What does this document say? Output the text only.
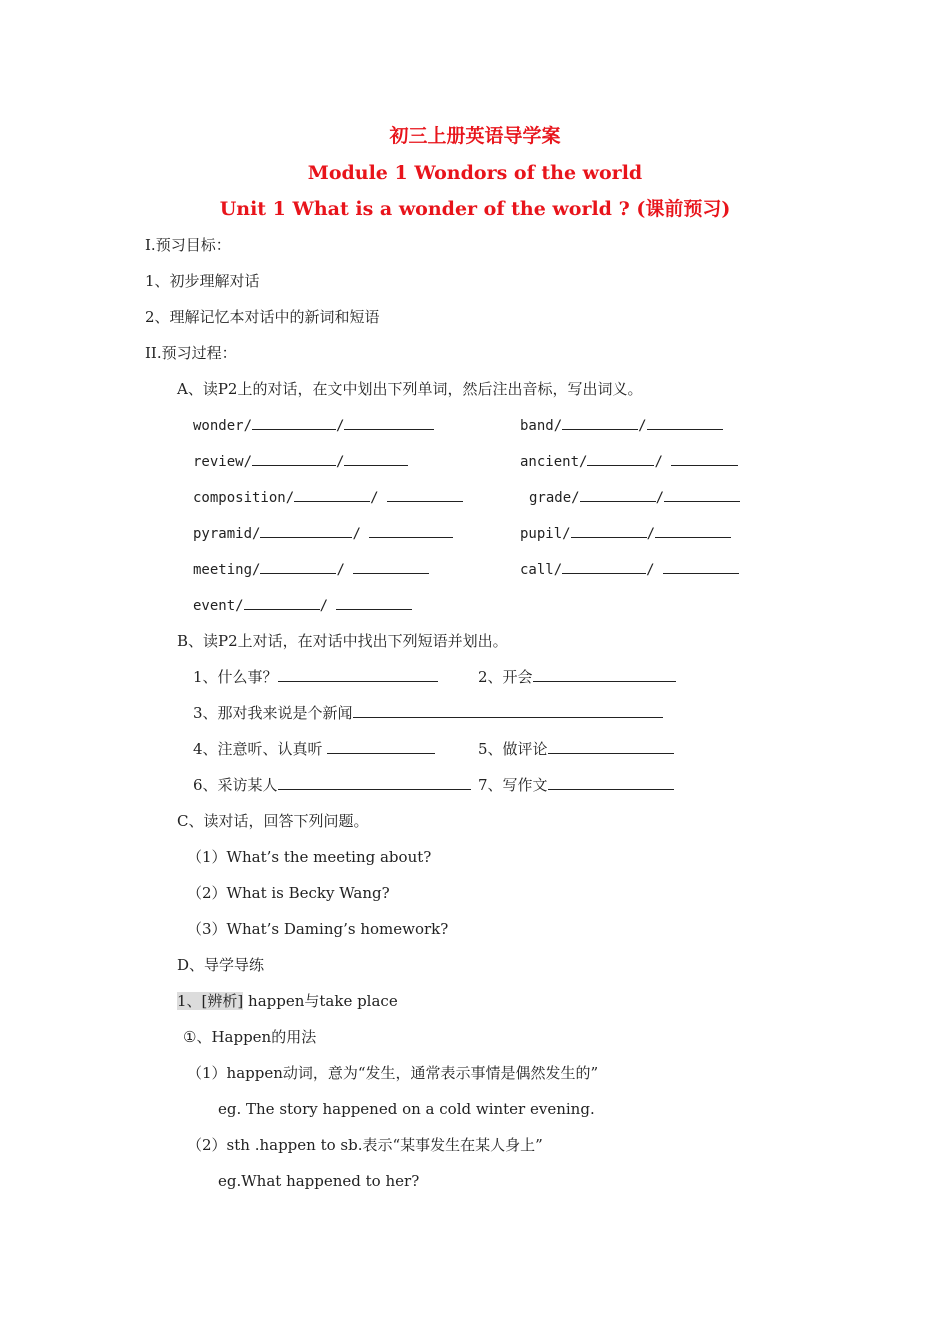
初三上册英语导学案
Module 1 Wondors of the world
Unit 1 What is a wonder of the world ? (课前预习)
I.预习目标：
1、初步理解对话
2、理解记忆本对话中的新词和短语
II.预习过程：
A、读P2上的对话，在文中划出下列单词，然后注出音标，写出词义。
wonder/	/	band/	/
review/	/	ancient/	/
composition/	/	grade/	/
pyramid/	/	pupil/	/
meeting/	/	call/	/
event/	/
B、读P2上对话，在对话中找出下列短语并划出。
1、什么事？	2、开会
3、那对我来说是个新闻
4、注意听、认真听	5、做评论
6、采访某人	7、写作文
C、读对话，回答下列问题。
（1）What’s the meeting about?
（2）What is Becky Wang?
（3）What’s Daming’s homework?
D、导学导练
1、[辨析] happen与take place
①、Happen的用法
（1）happen动词，意为“发生，通常表示事情是偶然发生的”
eg. The story happened on a cold winter evening.
（2）sth .happen to sb.表示“某事发生在某人身上”
eg.What happened to her?
